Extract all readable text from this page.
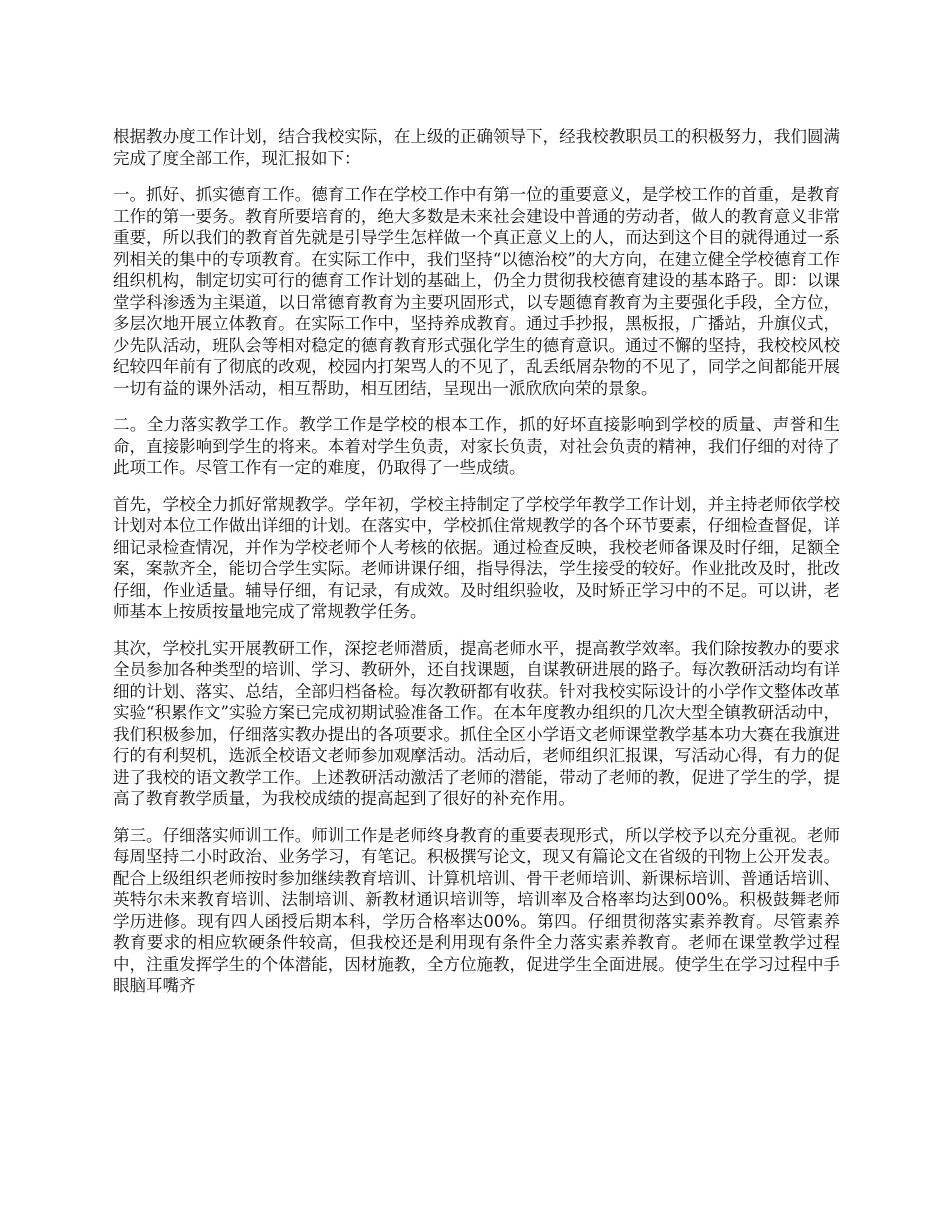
根据教办度工作计划，结合我校实际，在上级的正确领导下，经我校教职员工的积极努力，我们圆满完成了度全部工作，现汇报如下：

一。抓好、抓实德育工作。德育工作在学校工作中有第一位的重要意义，是学校工作的首重，是教育工作的第一要务。教育所要培育的，绝大多数是未来社会建设中普通的劳动者，做人的教育意义非常重要，所以我们的教育首先就是引导学生怎样做一个真正意义上的人，而达到这个目的就得通过一系列相关的集中的专项教育。在实际工作中，我们坚持“以德治校”的大方向，在建立健全学校德育工作组织机构，制定切实可行的德育工作计划的基础上，仍全力贯彻我校德育建设的基本路子。即：以课堂学科渗透为主渠道，以日常德育教育为主要巩固形式，以专题德育教育为主要强化手段，全方位，多层次地开展立体教育。在实际工作中，坚持养成教育。通过手抄报，黑板报，广播站，升旗仪式，少先队活动，班队会等相对稳定的德育教育形式强化学生的德育意识。通过不懈的坚持，我校校风校纪较四年前有了彻底的改观，校园内打架骂人的不见了，乱丢纸屑杂物的不见了，同学之间都能开展一切有益的课外活动，相互帮助，相互团结，呈现出一派欣欣向荣的景象。

二。全力落实教学工作。教学工作是学校的根本工作，抓的好坏直接影响到学校的质量、声誉和生命，直接影响到学生的将来。本着对学生负责，对家长负责，对社会负责的精神，我们仔细的对待了此项工作。尽管工作有一定的难度，仍取得了一些成绩。

首先，学校全力抓好常规教学。学年初，学校主持制定了学校学年教学工作计划，并主持老师依学校计划对本位工作做出详细的计划。在落实中，学校抓住常规教学的各个环节要素，仔细检查督促，详细记录检查情况，并作为学校老师个人考核的依据。通过检查反映，我校老师备课及时仔细，足额全案，案款齐全，能切合学生实际。老师讲课仔细，指导得法，学生接受的较好。作业批改及时，批改仔细，作业适量。辅导仔细，有记录，有成效。及时组织验收，及时矫正学习中的不足。可以讲，老师基本上按质按量地完成了常规教学任务。

其次，学校扎实开展教研工作，深挖老师潜质，提高老师水平，提高教学效率。我们除按教办的要求全员参加各种类型的培训、学习、教研外，还自找课题，自谋教研进展的路子。每次教研活动均有详细的计划、落实、总结，全部归档备检。每次教研都有收获。针对我校实际设计的小学作文整体改革实验“积累作文”实验方案已完成初期试验准备工作。在本年度教办组织的几次大型全镇教研活动中，我们积极参加，仔细落实教办提出的各项要求。抓住全区小学语文老师课堂教学基本功大赛在我旗进行的有利契机，选派全校语文老师参加观摩活动。活动后，老师组织汇报课，写活动心得，有力的促进了我校的语文教学工作。上述教研活动激活了老师的潜能，带动了老师的教，促进了学生的学，提高了教育教学质量，为我校成绩的提高起到了很好的补充作用。

第三。仔细落实师训工作。师训工作是老师终身教育的重要表现形式，所以学校予以充分重视。老师每周坚持二小时政治、业务学习，有笔记。积极撰写论文，现又有篇论文在省级的刊物上公开发表。配合上级组织老师按时参加继续教育培训、计算机培训、骨干老师培训、新课标培训、普通话培训、英特尔未来教育培训、法制培训、新教材通识培训等，培训率及合格率均达到00%。积极鼓舞老师学历进修。现有四人函授后期本科，学历合格率达00%。第四。仔细贯彻落实素养教育。尽管素养教育要求的相应软硬条件较高，但我校还是利用现有条件全力落实素养教育。老师在课堂教学过程中，注重发挥学生的个体潜能，因材施教，全方位施教，促进学生全面进展。使学生在学习过程中手眼脑耳嘴齐
